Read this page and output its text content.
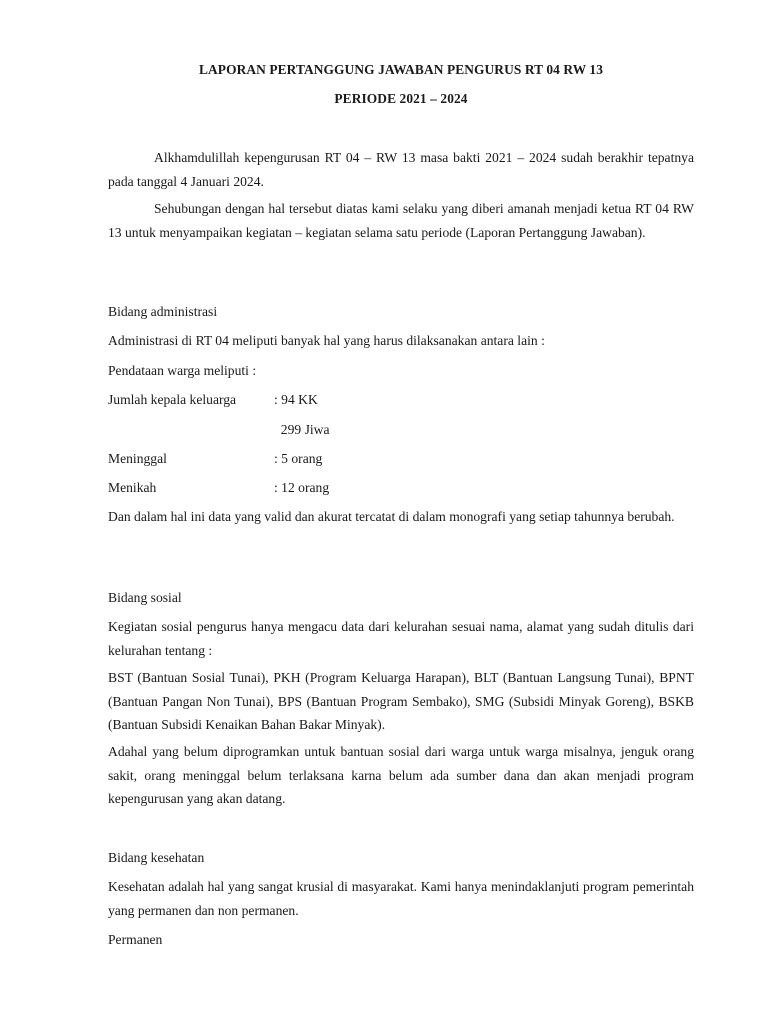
LAPORAN PERTANGGUNG JAWABAN PENGURUS RT 04 RW 13
PERIODE 2021 – 2024
Alkhamdulillah kepengurusan RT 04 – RW 13 masa bakti 2021 – 2024 sudah berakhir tepatnya pada tanggal 4 Januari 2024.
Sehubungan dengan hal tersebut diatas kami selaku yang diberi amanah menjadi ketua RT 04 RW 13 untuk menyampaikan kegiatan – kegiatan selama satu periode (Laporan Pertanggung Jawaban).
Bidang administrasi
Administrasi di RT 04 meliputi banyak hal yang harus dilaksanakan antara lain :
Pendataan warga meliputi :
Jumlah kepala keluarga	: 94 KK
299 Jiwa
Meninggal	: 5 orang
Menikah	: 12 orang
Dan dalam hal ini data yang valid dan akurat tercatat di dalam monografi yang setiap tahunnya berubah.
Bidang sosial
Kegiatan sosial pengurus hanya mengacu data dari kelurahan sesuai nama, alamat yang sudah ditulis dari kelurahan tentang :
BST (Bantuan Sosial Tunai), PKH (Program Keluarga Harapan), BLT (Bantuan Langsung Tunai), BPNT (Bantuan Pangan Non Tunai), BPS (Bantuan Program Sembako), SMG (Subsidi Minyak Goreng), BSKB (Bantuan Subsidi Kenaikan Bahan Bakar Minyak).
Adahal yang belum diprogramkan untuk bantuan sosial dari warga untuk warga misalnya, jenguk orang sakit, orang meninggal belum terlaksana karna belum ada sumber dana dan akan menjadi program kepengurusan yang akan datang.
Bidang kesehatan
Kesehatan adalah hal yang sangat krusial di masyarakat. Kami hanya menindaklanjuti program pemerintah yang permanen dan non permanen.
Permanen
